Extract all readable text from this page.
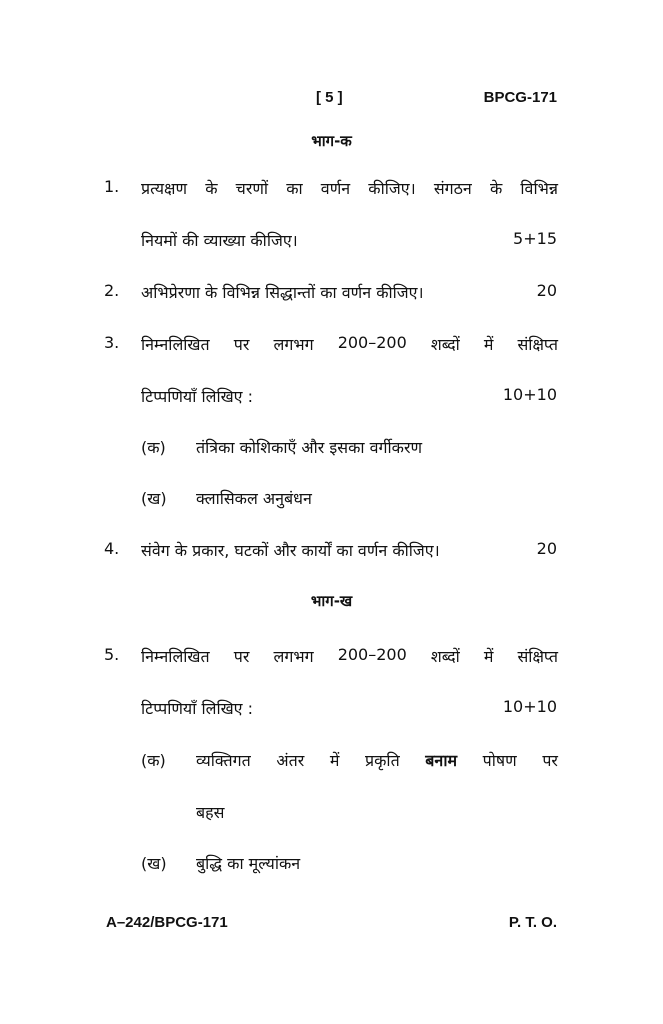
[ 5 ]	BPCG-171
भाग-क
1. प्रत्यक्षण के चरणों का वर्णन कीजिए। संगठन के विभिन्न
नियमों की व्याख्या कीजिए।	5+15
2. अभिप्रेरणा के विभिन्न सिद्धान्तों का वर्णन कीजिए।	20
3. निम्नलिखित पर लगभग 200–200 शब्दों में संक्षिप्त
टिप्पणियाँ लिखिए :	10+10
(क) तंत्रिका कोशिकाएँ और इसका वर्गीकरण
(ख) क्लासिकल अनुबंधन
4. संवेग के प्रकार, घटकों और कार्यों का वर्णन कीजिए।	20
भाग-ख
5. निम्नलिखित पर लगभग 200–200 शब्दों में संक्षिप्त
टिप्पणियाँ लिखिए :	10+10
(क) व्यक्तिगत अंतर में प्रकृति बनाम पोषण पर
बहस
(ख) बुद्धि का मूल्यांकन
A–242/BPCG-171	P. T. O.
